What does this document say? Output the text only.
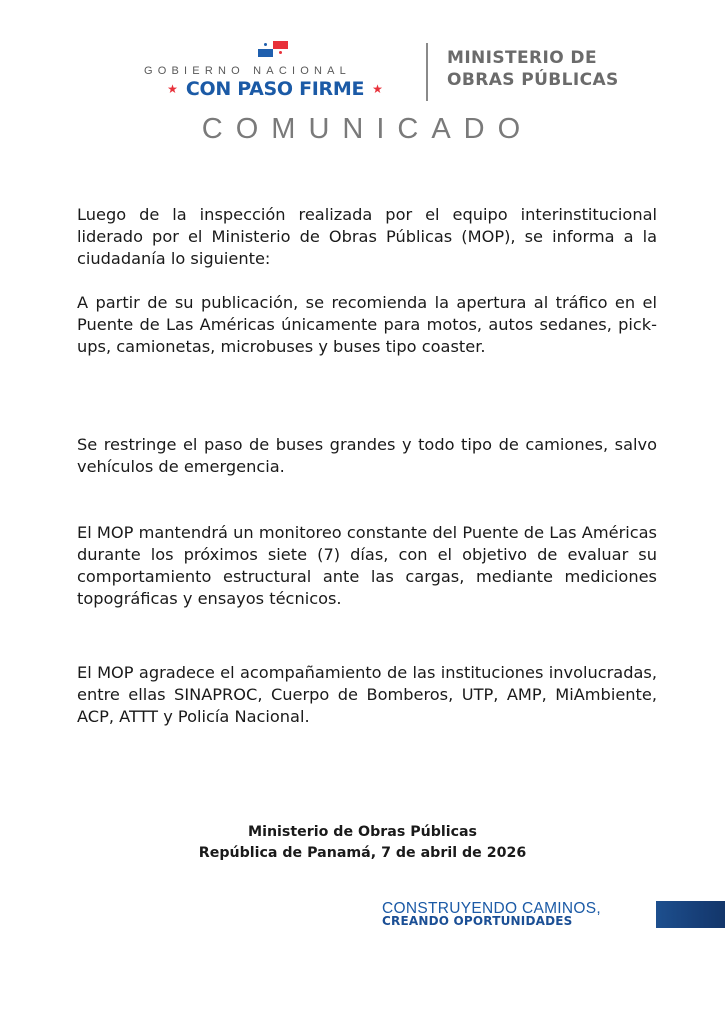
GOBIERNO NACIONAL
★ CON PASO FIRME ★
MINISTERIO DE
OBRAS PÚBLICAS
COMUNICADO

Luego de la inspección realizada por el equipo interinstitucional liderado por el Ministerio de Obras Públicas (MOP), se informa a la ciudadanía lo siguiente:

A partir de su publicación, se recomienda la apertura al tráfico en el Puente de Las Américas únicamente para motos, autos sedanes, pick-ups, camionetas, microbuses y buses tipo coaster.

Se restringe el paso de buses grandes y todo tipo de camiones, salvo vehículos de emergencia.

El MOP mantendrá un monitoreo constante del Puente de Las Américas durante los próximos siete (7) días, con el objetivo de evaluar su comportamiento estructural ante las cargas, mediante mediciones topográficas y ensayos técnicos.

El MOP agradece el acompañamiento de las instituciones involucradas, entre ellas SINAPROC, Cuerpo de Bomberos, UTP, AMP, MiAmbiente, ACP, ATTT y Policía Nacional.

Ministerio de Obras Públicas
República de Panamá, 7 de abril de 2026
CONSTRUYENDO CAMINOS,
CREANDO OPORTUNIDADES
